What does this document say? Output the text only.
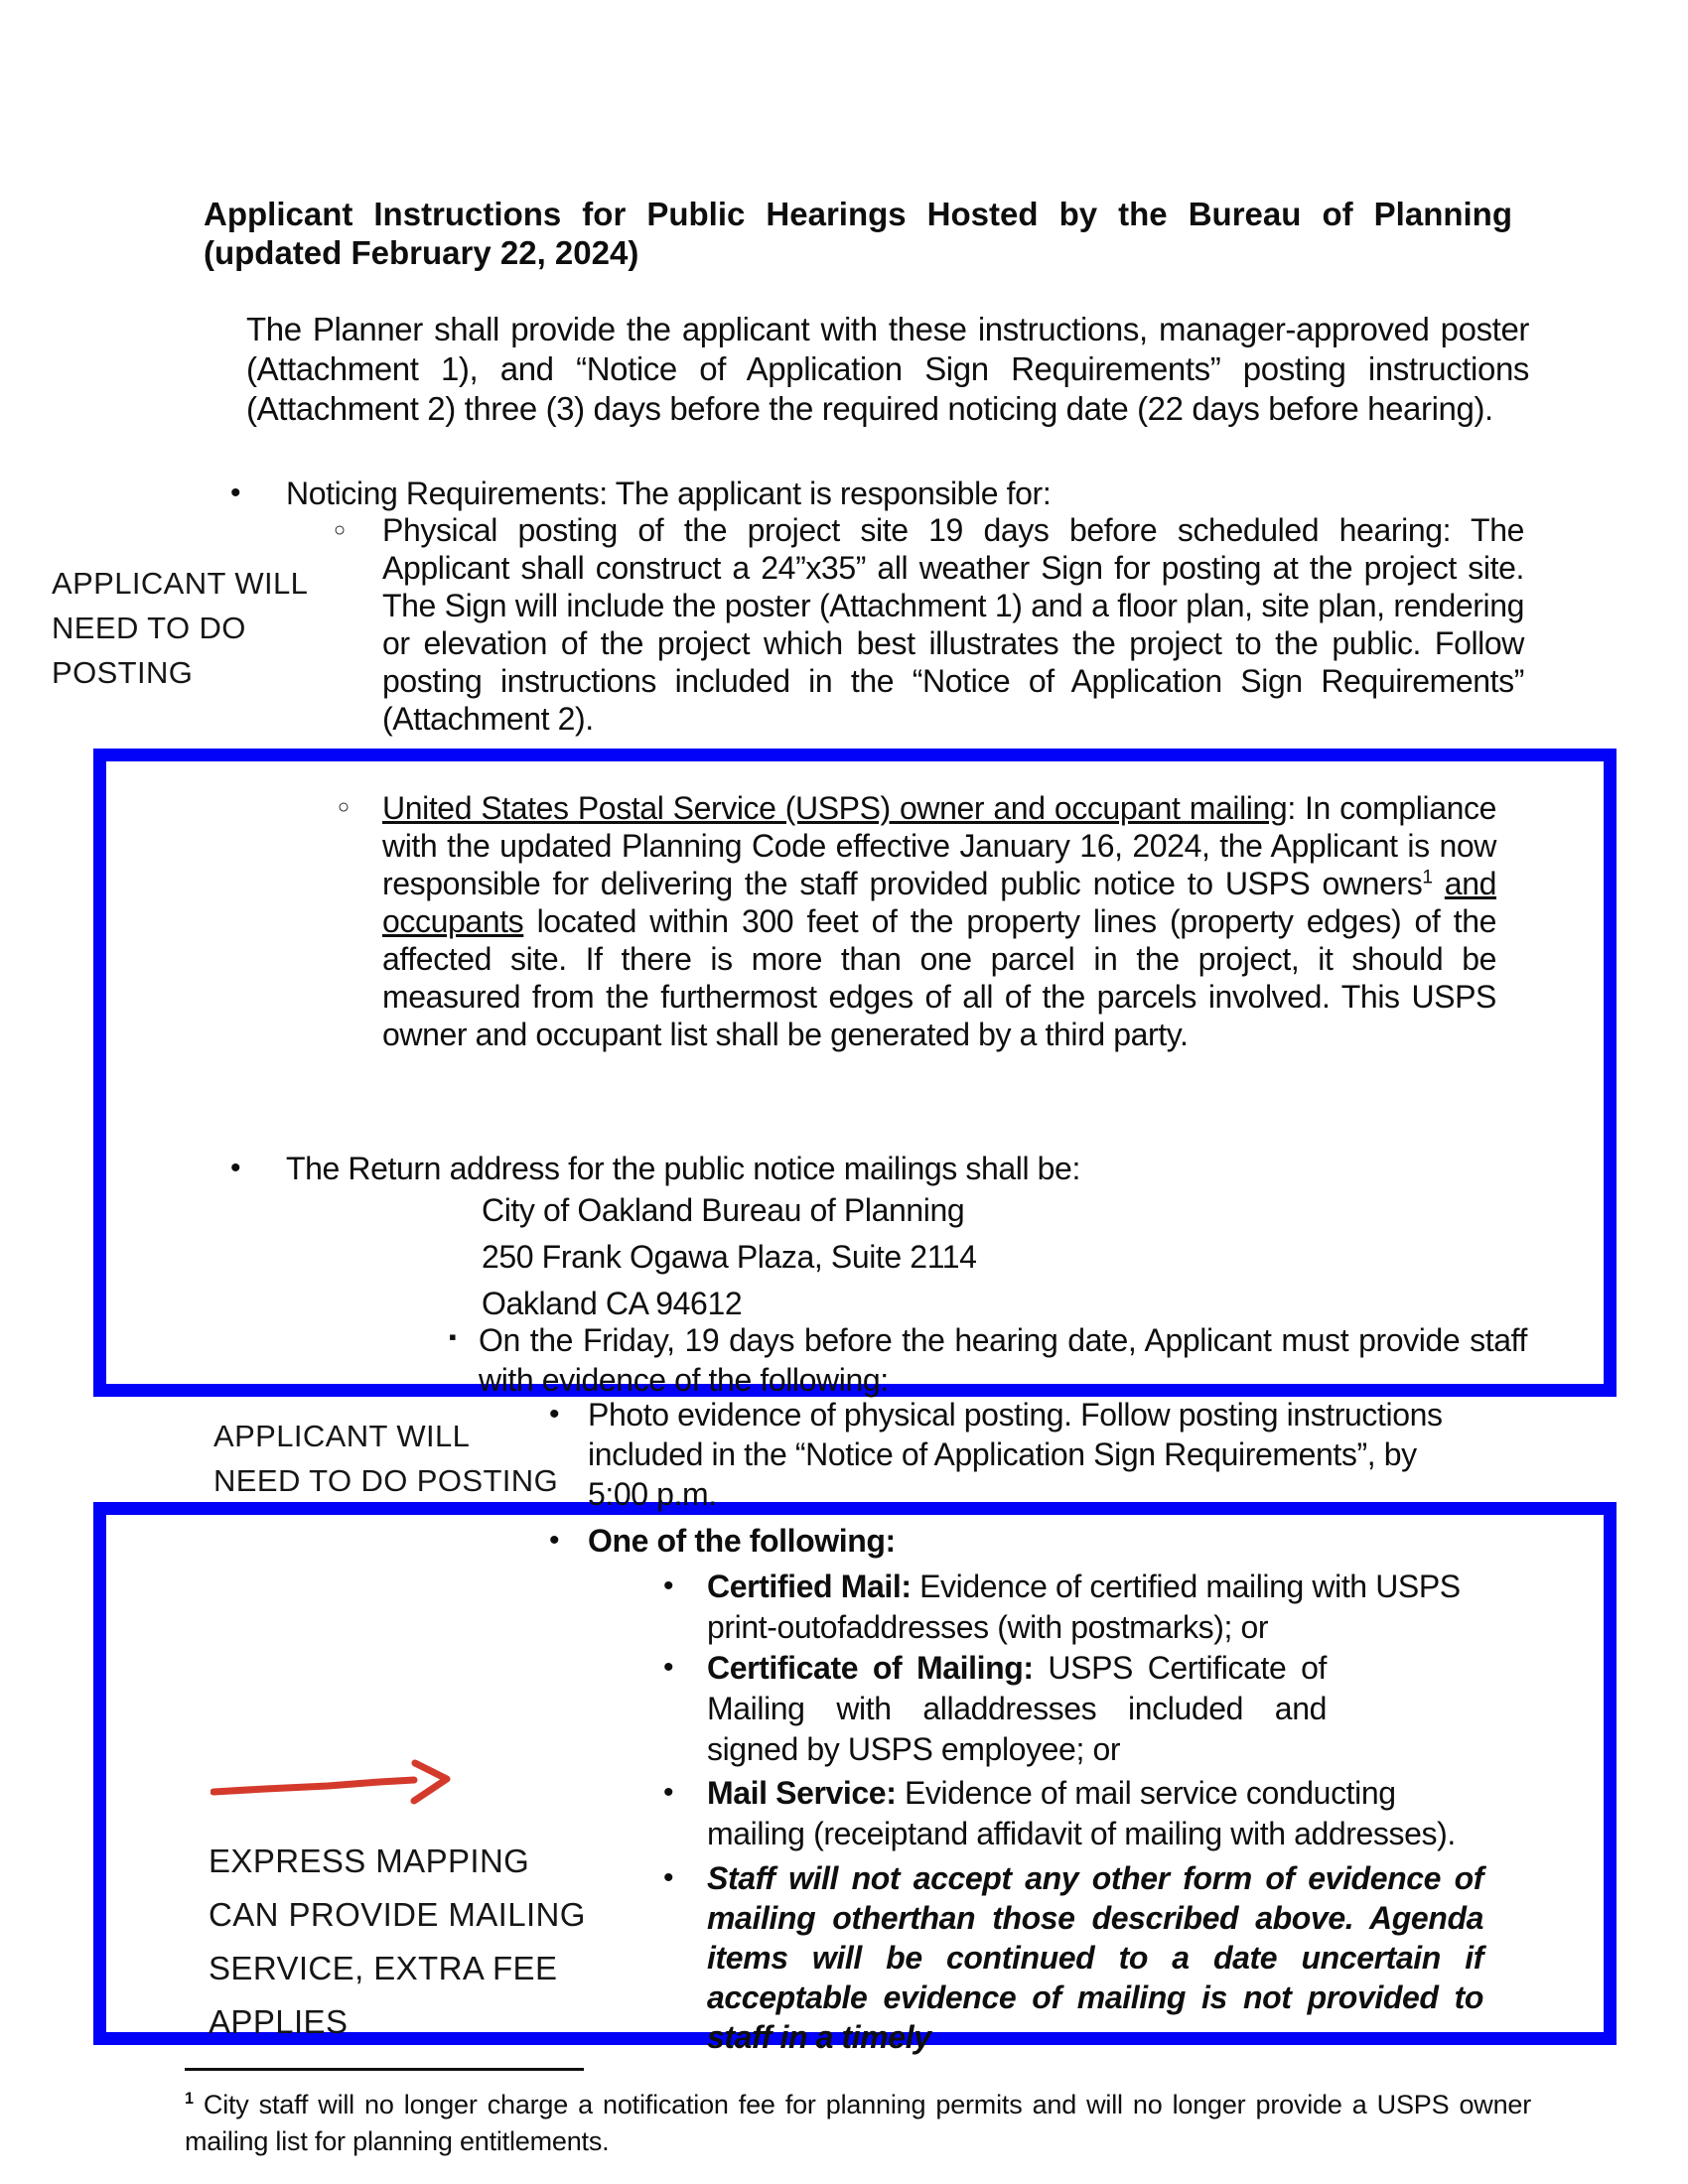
Applicant Instructions for Public Hearings Hosted by the Bureau of Planning (updated February 22, 2024)
The Planner shall provide the applicant with these instructions, manager-approved poster (Attachment 1), and “Notice of Application Sign Requirements” posting instructions (Attachment 2) three (3) days before the required noticing date (22 days before hearing).
• Noticing Requirements: The applicant is responsible for:
○ Physical posting of the project site 19 days before scheduled hearing: The Applicant shall construct a 24”x35” all weather Sign for posting at the project site. The Sign will include the poster (Attachment 1) and a floor plan, site plan, rendering or elevation of the project which best illustrates the project to the public. Follow posting instructions included in the “Notice of Application Sign Requirements” (Attachment 2).
APPLICANT WILL
NEED TO DO
POSTING
○ United States Postal Service (USPS) owner and occupant mailing: In compliance with the updated Planning Code effective January 16, 2024, the Applicant is now responsible for delivering the staff provided public notice to USPS owners$^1$ and occupants located within 300 feet of the property lines (property edges) of the affected site. If there is more than one parcel in the project, it should be measured from the furthermost edges of all of the parcels involved. This USPS owner and occupant list shall be generated by a third party.
• The Return address for the public notice mailings shall be:
City of Oakland Bureau of Planning
250 Frank Ogawa Plaza, Suite 2114
Oakland CA 94612
▪ On the Friday, 19 days before the hearing date, Applicant must provide staff with evidence of the following:
APPLICANT WILL
NEED TO DO POSTING
• Photo evidence of physical posting. Follow posting instructions included in the “Notice of Application Sign Requirements”, by 5:00 p.m.
• One of the following:
• Certified Mail: Evidence of certified mailing with USPS print-outofaddresses (with postmarks); or
• Certificate of Mailing: USPS Certificate of Mailing with alladdresses included and signed by USPS employee; or
• Mail Service: Evidence of mail service conducting mailing (receiptand affidavit of mailing with addresses).
• Staff will not accept any other form of evidence of mailing otherthan those described above. Agenda items will be continued to a date uncertain if acceptable evidence of mailing is not provided to staff in a timely
EXPRESS MAPPING
CAN PROVIDE MAILING
SERVICE, EXTRA FEE
APPLIES
$^1$ City staff will no longer charge a notification fee for planning permits and will no longer provide a USPS owner mailing list for planning entitlements.
